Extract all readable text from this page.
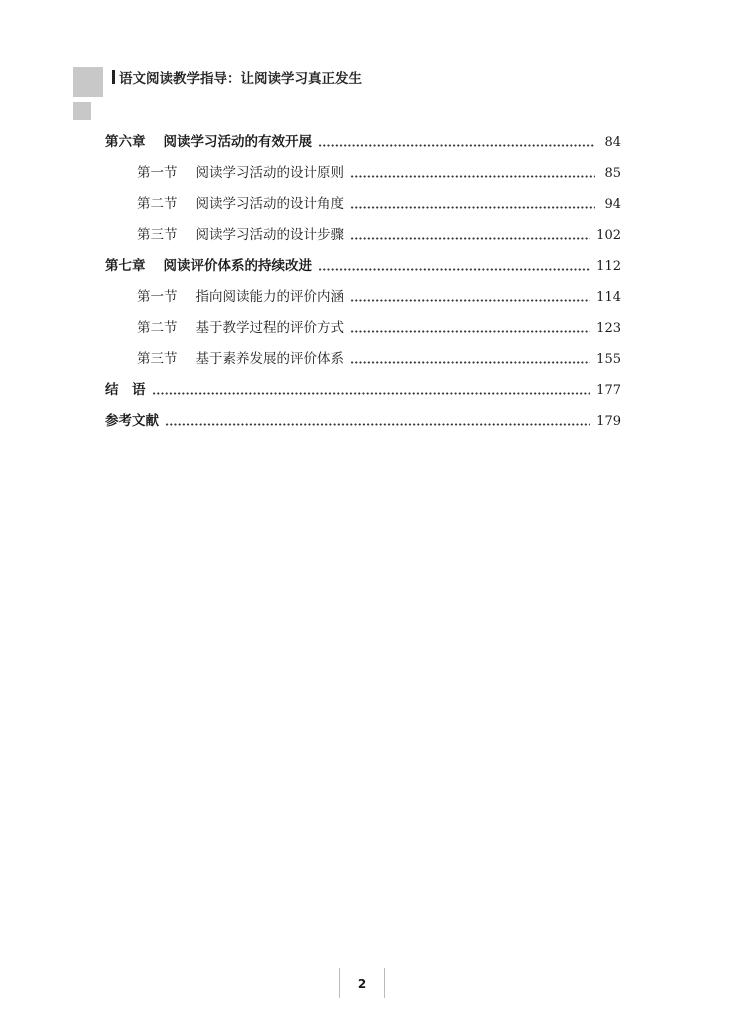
语文阅读教学指导：让阅读学习真正发生
第六章 阅读学习活动的有效开展	84
第一节 阅读学习活动的设计原则	85
第二节 阅读学习活动的设计角度	94
第三节 阅读学习活动的设计步骤	102
第七章 阅读评价体系的持续改进	112
第一节 指向阅读能力的评价内涵	114
第二节 基于教学过程的评价方式	123
第三节 基于素养发展的评价体系	155
结　语	177
参考文献	179
2
